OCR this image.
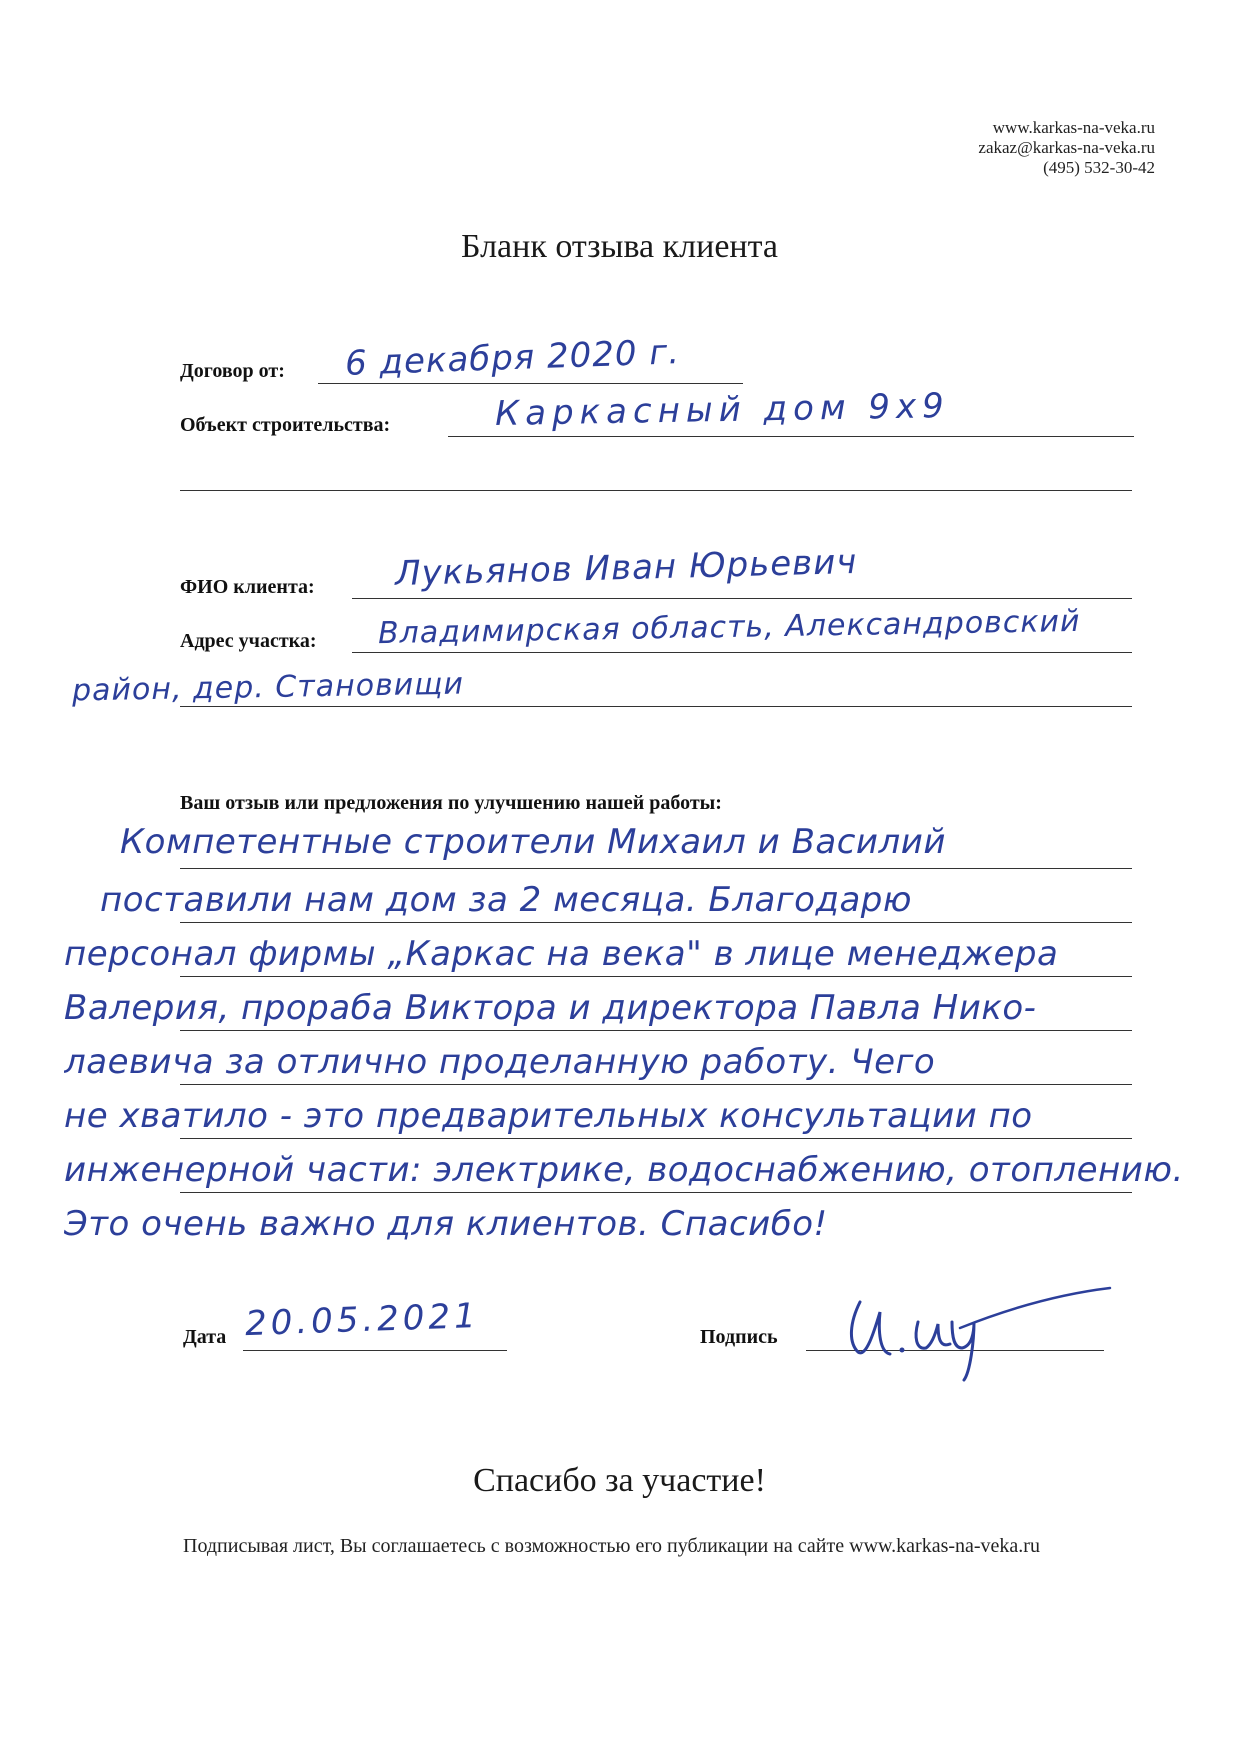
www.karkas-na-veka.ru
zakaz@karkas-na-veka.ru
(495) 532-30-42
Бланк отзыва клиента
Договор от: 6 декабря 2020 г.
Объект строительства:	Каркасный дом 9х9
ФИО клиента: Лукьянов Иван Юрьевич
Адрес участка: Владимирская область, Александровский
район, дер. Становищи
Ваш отзыв или предложения по улучшению нашей работы:
Компетентные строители Михаил и Василий
поставили нам дом за 2 месяца. Благодарю
персонал фирмы „Каркас на века" в лице менеджера
Валерия, прораба Виктора и директора Павла Нико-
лаевича за отлично проделанную работу. Чего
не хватило - это предварительных консультации по
инженерной части: электрике, водоснабжению, отоплению.
Это очень важно для клиентов. Спасибо!
Дата 20.05.2021	Подпись
Спасибо за участие!
Подписывая лист, Вы соглашаетесь с возможностью его публикации на сайте www.karkas-na-veka.ru
